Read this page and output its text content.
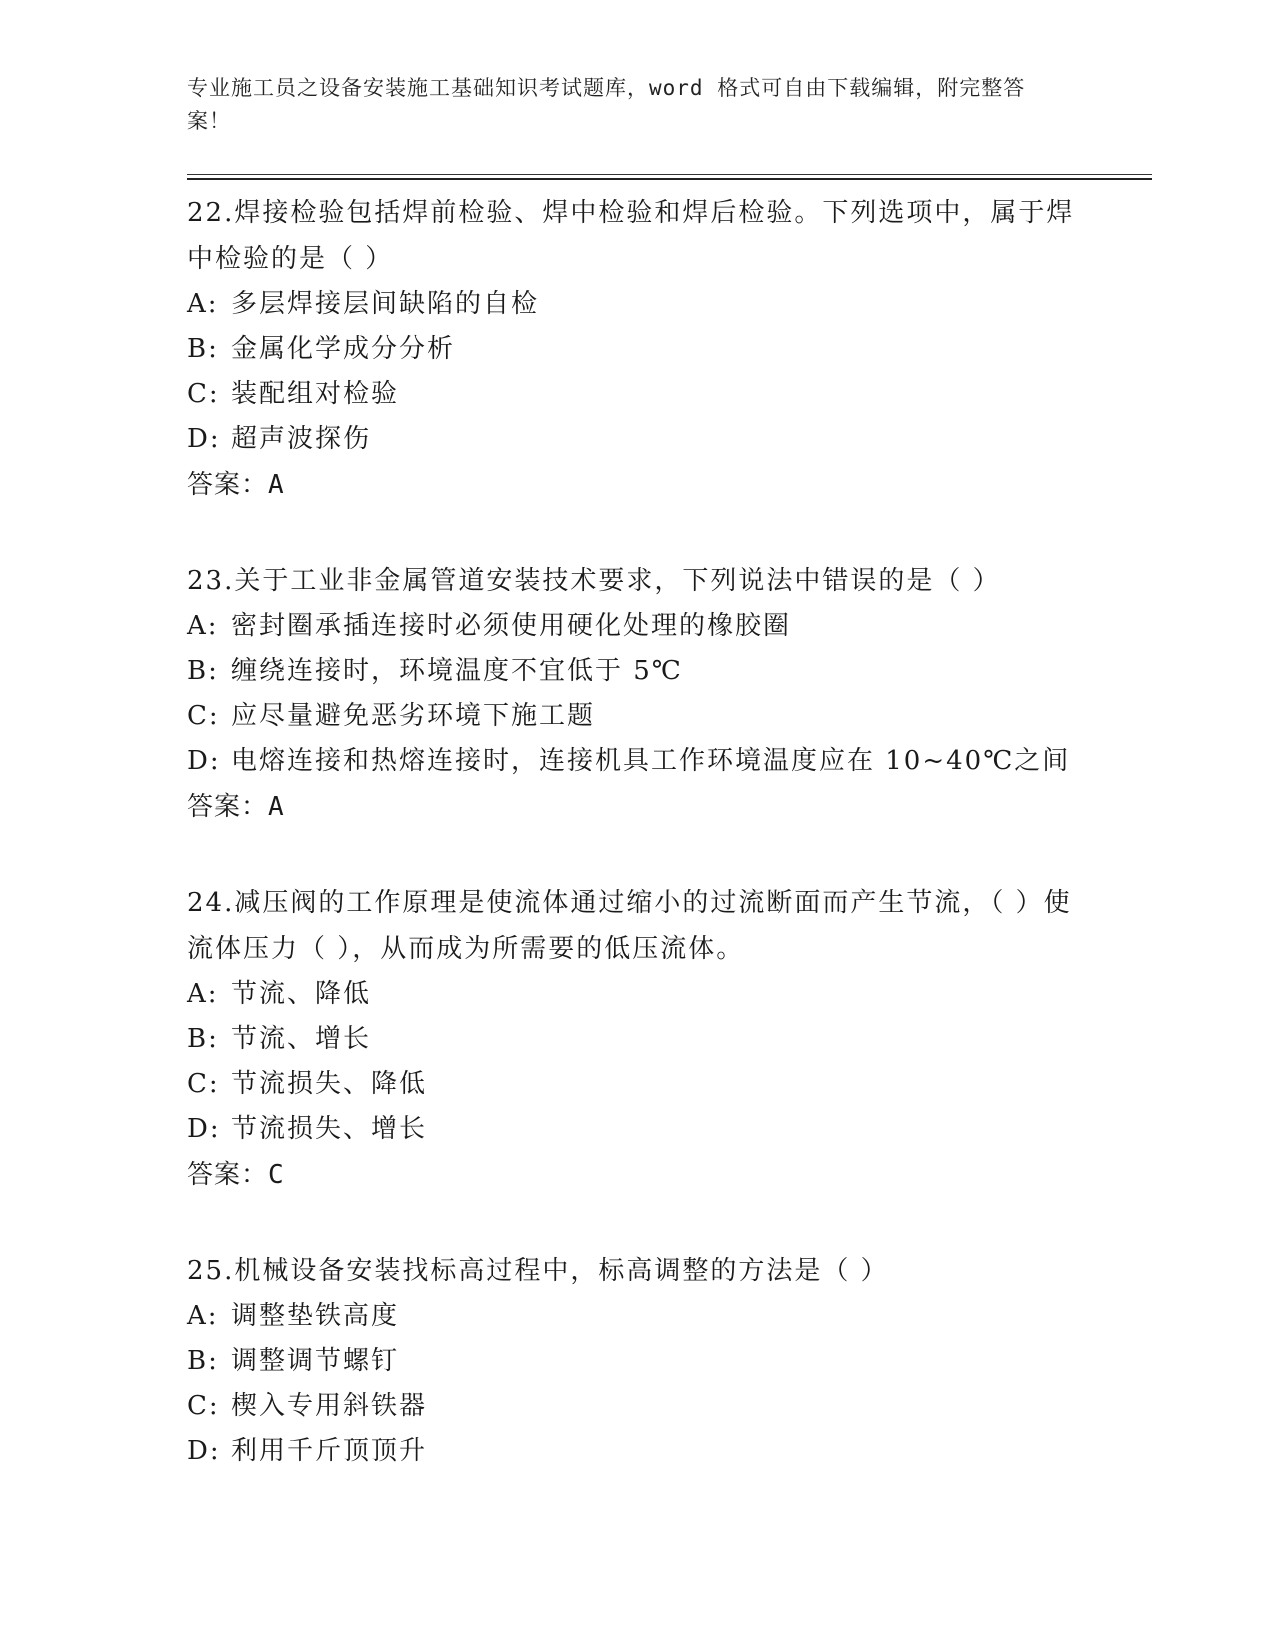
专业施工员之设备安装施工基础知识考试题库，word 格式可自由下载编辑，附完整答案！

22.焊接检验包括焊前检验、焊中检验和焊后检验。下列选项中，属于焊中检验的是（ ）

A: 多层焊接层间缺陷的自检

B: 金属化学成分分析

C: 装配组对检验

D: 超声波探伤

答案：A

23.关于工业非金属管道安装技术要求，下列说法中错误的是（ ）

A: 密封圈承插连接时必须使用硬化处理的橡胶圈

B: 缠绕连接时，环境温度不宜低于 5℃

C: 应尽量避免恶劣环境下施工题

D: 电熔连接和热熔连接时，连接机具工作环境温度应在 10~40℃之间

答案：A

24.减压阀的工作原理是使流体通过缩小的过流断面而产生节流，（ ）使流体压力（ ），从而成为所需要的低压流体。

A: 节流、降低

B: 节流、增长

C: 节流损失、降低

D: 节流损失、增长

答案：C

25.机械设备安装找标高过程中，标高调整的方法是（ ）

A: 调整垫铁高度

B: 调整调节螺钉

C: 楔入专用斜铁器

D: 利用千斤顶顶升
